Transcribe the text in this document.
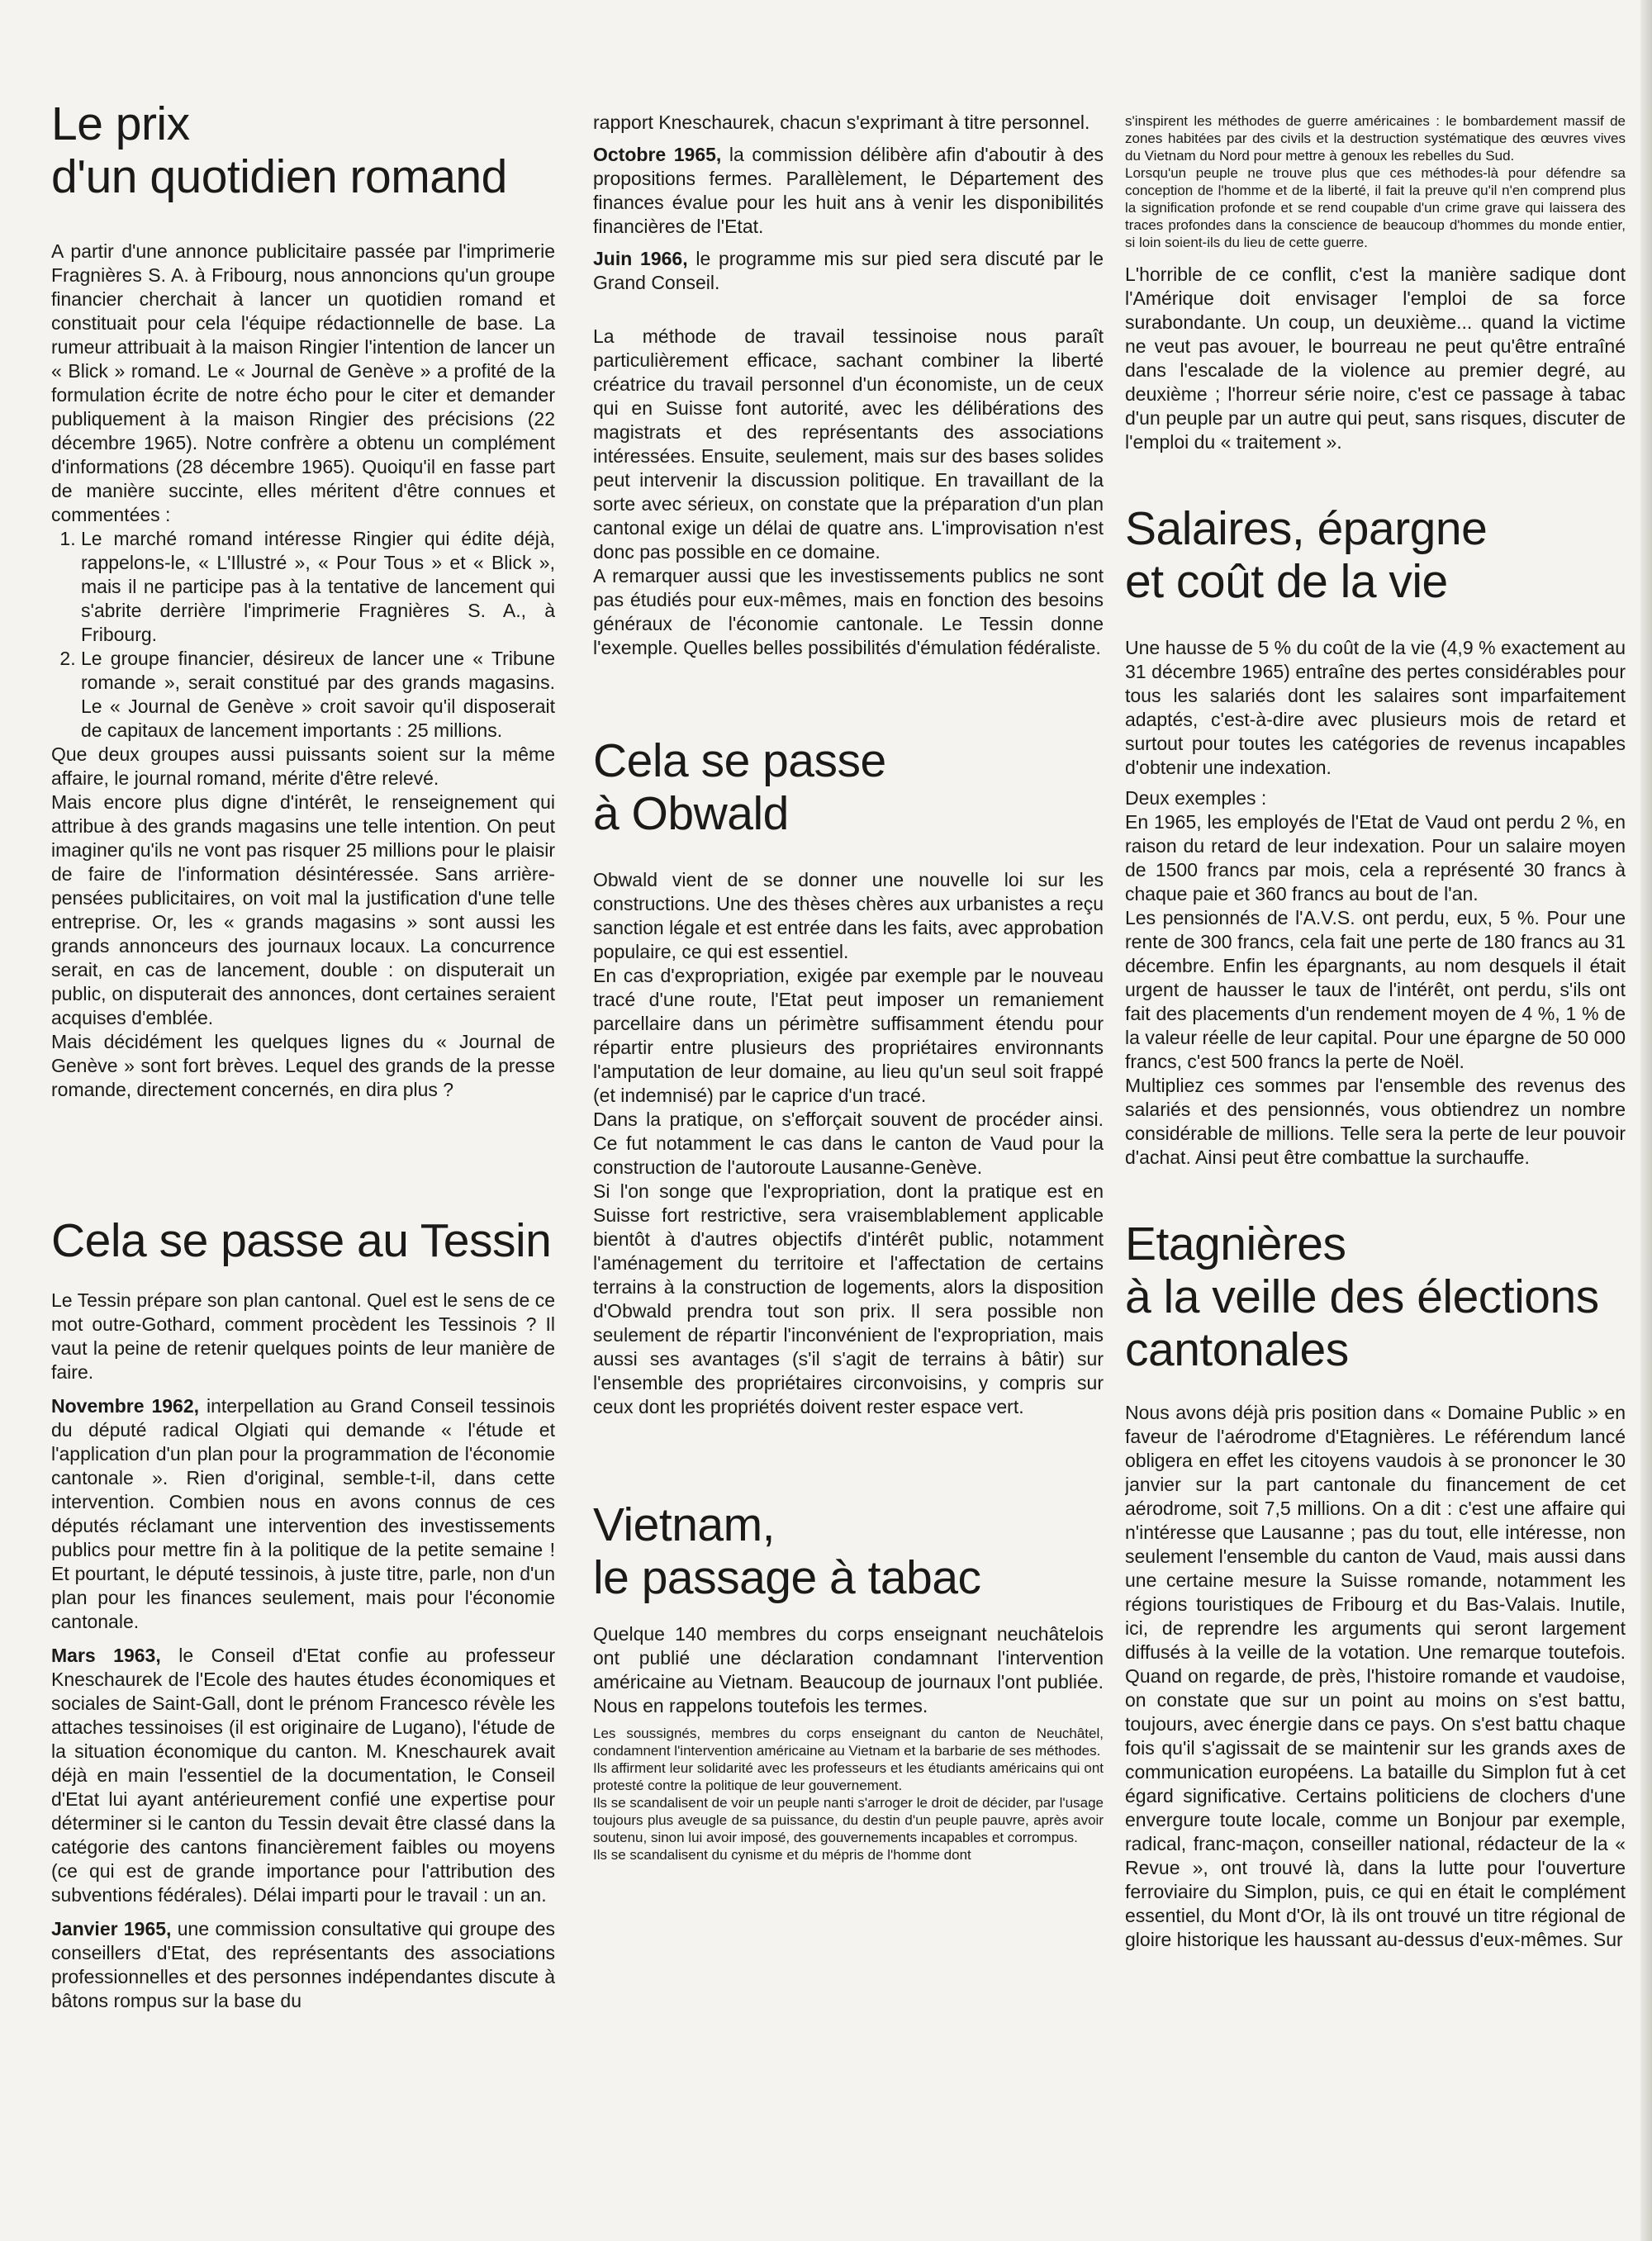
Le prix
d'un quotidien romand

A partir d'une annonce publicitaire passée par l'imprimerie Fragnières S. A. à Fribourg, nous annoncions qu'un groupe financier cherchait à lancer un quotidien romand et constituait pour cela l'équipe rédactionnelle de base. La rumeur attribuait à la maison Ringier l'intention de lancer un « Blick » romand. Le « Journal de Genève » a profité de la formulation écrite de notre écho pour le citer et demander publiquement à la maison Ringier des précisions (22 décembre 1965). Notre confrère a obtenu un complément d'informations (28 décembre 1965). Quoiqu'il en fasse part de manière succinte, elles méritent d'être connues et commentées :

1. Le marché romand intéresse Ringier qui édite déjà, rappelons-le, « L'Illustré », « Pour Tous » et « Blick », mais il ne participe pas à la tentative de lancement qui s'abrite derrière l'imprimerie Fragnières S. A., à Fribourg.
2. Le groupe financier, désireux de lancer une « Tribune romande », serait constitué par des grands magasins. Le « Journal de Genève » croit savoir qu'il disposerait de capitaux de lancement importants : 25 millions.

Que deux groupes aussi puissants soient sur la même affaire, le journal romand, mérite d'être relevé.

Mais encore plus digne d'intérêt, le renseignement qui attribue à des grands magasins une telle intention. On peut imaginer qu'ils ne vont pas risquer 25 millions pour le plaisir de faire de l'information désintéressée. Sans arrière-pensées publicitaires, on voit mal la justification d'une telle entreprise. Or, les « grands magasins » sont aussi les grands annonceurs des journaux locaux. La concurrence serait, en cas de lancement, double : on disputerait un public, on disputerait des annonces, dont certaines seraient acquises d'emblée.

Mais décidément les quelques lignes du « Journal de Genève » sont fort brèves. Lequel des grands de la presse romande, directement concernés, en dira plus ?

Cela se passe au Tessin

Le Tessin prépare son plan cantonal. Quel est le sens de ce mot outre-Gothard, comment procèdent les Tessinois ? Il vaut la peine de retenir quelques points de leur manière de faire.

Novembre 1962, interpellation au Grand Conseil tessinois du député radical Olgiati qui demande « l'étude et l'application d'un plan pour la programmation de l'économie cantonale ». Rien d'original, semble-t-il, dans cette intervention. Combien nous en avons connus de ces députés réclamant une intervention des investissements publics pour mettre fin à la politique de la petite semaine ! Et pourtant, le député tessinois, à juste titre, parle, non d'un plan pour les finances seulement, mais pour l'économie cantonale.

Mars 1963, le Conseil d'Etat confie au professeur Kneschaurek de l'Ecole des hautes études économiques et sociales de Saint-Gall, dont le prénom Francesco révèle les attaches tessinoises (il est originaire de Lugano), l'étude de la situation économique du canton. M. Kneschaurek avait déjà en main l'essentiel de la documentation, le Conseil d'Etat lui ayant antérieurement confié une expertise pour déterminer si le canton du Tessin devait être classé dans la catégorie des cantons financièrement faibles ou moyens (ce qui est de grande importance pour l'attribution des subventions fédérales). Délai imparti pour le travail : un an.

Janvier 1965, une commission consultative qui groupe des conseillers d'Etat, des représentants des associations professionnelles et des personnes indépendantes discute à bâtons rompus sur la base du

rapport Kneschaurek, chacun s'exprimant à titre personnel.

Octobre 1965, la commission délibère afin d'aboutir à des propositions fermes. Parallèlement, le Département des finances évalue pour les huit ans à venir les disponibilités financières de l'Etat.

Juin 1966, le programme mis sur pied sera discuté par le Grand Conseil.

La méthode de travail tessinoise nous paraît particulièrement efficace, sachant combiner la liberté créatrice du travail personnel d'un économiste, un de ceux qui en Suisse font autorité, avec les délibérations des magistrats et des représentants des associations intéressées. Ensuite, seulement, mais sur des bases solides peut intervenir la discussion politique. En travaillant de la sorte avec sérieux, on constate que la préparation d'un plan cantonal exige un délai de quatre ans. L'improvisation n'est donc pas possible en ce domaine.

A remarquer aussi que les investissements publics ne sont pas étudiés pour eux-mêmes, mais en fonction des besoins généraux de l'économie cantonale. Le Tessin donne l'exemple. Quelles belles possibilités d'émulation fédéraliste.

Cela se passe
à Obwald

Obwald vient de se donner une nouvelle loi sur les constructions. Une des thèses chères aux urbanistes a reçu sanction légale et est entrée dans les faits, avec approbation populaire, ce qui est essentiel.

En cas d'expropriation, exigée par exemple par le nouveau tracé d'une route, l'Etat peut imposer un remaniement parcellaire dans un périmètre suffisamment étendu pour répartir entre plusieurs des propriétaires environnants l'amputation de leur domaine, au lieu qu'un seul soit frappé (et indemnisé) par le caprice d'un tracé.

Dans la pratique, on s'efforçait souvent de procéder ainsi. Ce fut notamment le cas dans le canton de Vaud pour la construction de l'autoroute Lausanne-Genève.

Si l'on songe que l'expropriation, dont la pratique est en Suisse fort restrictive, sera vraisemblablement applicable bientôt à d'autres objectifs d'intérêt public, notamment l'aménagement du territoire et l'affectation de certains terrains à la construction de logements, alors la disposition d'Obwald prendra tout son prix. Il sera possible non seulement de répartir l'inconvénient de l'expropriation, mais aussi ses avantages (s'il s'agit de terrains à bâtir) sur l'ensemble des propriétaires circonvoisins, y compris sur ceux dont les propriétés doivent rester espace vert.

Vietnam,
le passage à tabac

Quelque 140 membres du corps enseignant neuchâtelois ont publié une déclaration condamnant l'intervention américaine au Vietnam. Beaucoup de journaux l'ont publiée. Nous en rappelons toutefois les termes.

Les soussignés, membres du corps enseignant du canton de Neuchâtel, condamnent l'intervention américaine au Vietnam et la barbarie de ses méthodes.

Ils affirment leur solidarité avec les professeurs et les étudiants américains qui ont protesté contre la politique de leur gouvernement.

Ils se scandalisent de voir un peuple nanti s'arroger le droit de décider, par l'usage toujours plus aveugle de sa puissance, du destin d'un peuple pauvre, après avoir soutenu, sinon lui avoir imposé, des gouvernements incapables et corrompus.

Ils se scandalisent du cynisme et du mépris de l'homme dont

s'inspirent les méthodes de guerre américaines : le bombardement massif de zones habitées par des civils et la destruction systématique des œuvres vives du Vietnam du Nord pour mettre à genoux les rebelles du Sud.

Lorsqu'un peuple ne trouve plus que ces méthodes-là pour défendre sa conception de l'homme et de la liberté, il fait la preuve qu'il n'en comprend plus la signification profonde et se rend coupable d'un crime grave qui laissera des traces profondes dans la conscience de beaucoup d'hommes du monde entier, si loin soient-ils du lieu de cette guerre.

L'horrible de ce conflit, c'est la manière sadique dont l'Amérique doit envisager l'emploi de sa force surabondante. Un coup, un deuxième... quand la victime ne veut pas avouer, le bourreau ne peut qu'être entraîné dans l'escalade de la violence au premier degré, au deuxième ; l'horreur série noire, c'est ce passage à tabac d'un peuple par un autre qui peut, sans risques, discuter de l'emploi du « traitement ».

Salaires, épargne
et coût de la vie

Une hausse de 5 % du coût de la vie (4,9 % exactement au 31 décembre 1965) entraîne des pertes considérables pour tous les salariés dont les salaires sont imparfaitement adaptés, c'est-à-dire avec plusieurs mois de retard et surtout pour toutes les catégories de revenus incapables d'obtenir une indexation.

Deux exemples :

En 1965, les employés de l'Etat de Vaud ont perdu 2 %, en raison du retard de leur indexation. Pour un salaire moyen de 1500 francs par mois, cela a représenté 30 francs à chaque paie et 360 francs au bout de l'an.

Les pensionnés de l'A.V.S. ont perdu, eux, 5 %. Pour une rente de 300 francs, cela fait une perte de 180 francs au 31 décembre. Enfin les épargnants, au nom desquels il était urgent de hausser le taux de l'intérêt, ont perdu, s'ils ont fait des placements d'un rendement moyen de 4 %, 1 % de la valeur réelle de leur capital. Pour une épargne de 50 000 francs, c'est 500 francs la perte de Noël.

Multipliez ces sommes par l'ensemble des revenus des salariés et des pensionnés, vous obtiendrez un nombre considérable de millions. Telle sera la perte de leur pouvoir d'achat. Ainsi peut être combattue la surchauffe.

Etagnières
à la veille des élections
cantonales

Nous avons déjà pris position dans « Domaine Public » en faveur de l'aérodrome d'Etagnières. Le référendum lancé obligera en effet les citoyens vaudois à se prononcer le 30 janvier sur la part cantonale du financement de cet aérodrome, soit 7,5 millions. On a dit : c'est une affaire qui n'intéresse que Lausanne ; pas du tout, elle intéresse, non seulement l'ensemble du canton de Vaud, mais aussi dans une certaine mesure la Suisse romande, notamment les régions touristiques de Fribourg et du Bas-Valais. Inutile, ici, de reprendre les arguments qui seront largement diffusés à la veille de la votation. Une remarque toutefois. Quand on regarde, de près, l'histoire romande et vaudoise, on constate que sur un point au moins on s'est battu, toujours, avec énergie dans ce pays. On s'est battu chaque fois qu'il s'agissait de se maintenir sur les grands axes de communication européens. La bataille du Simplon fut à cet égard significative. Certains politiciens de clochers d'une envergure toute locale, comme un Bonjour par exemple, radical, franc-maçon, conseiller national, rédacteur de la « Revue », ont trouvé là, dans la lutte pour l'ouverture ferroviaire du Simplon, puis, ce qui en était le complément essentiel, du Mont d'Or, là ils ont trouvé un titre régional de gloire historique les haussant au-dessus d'eux-mêmes. Sur
